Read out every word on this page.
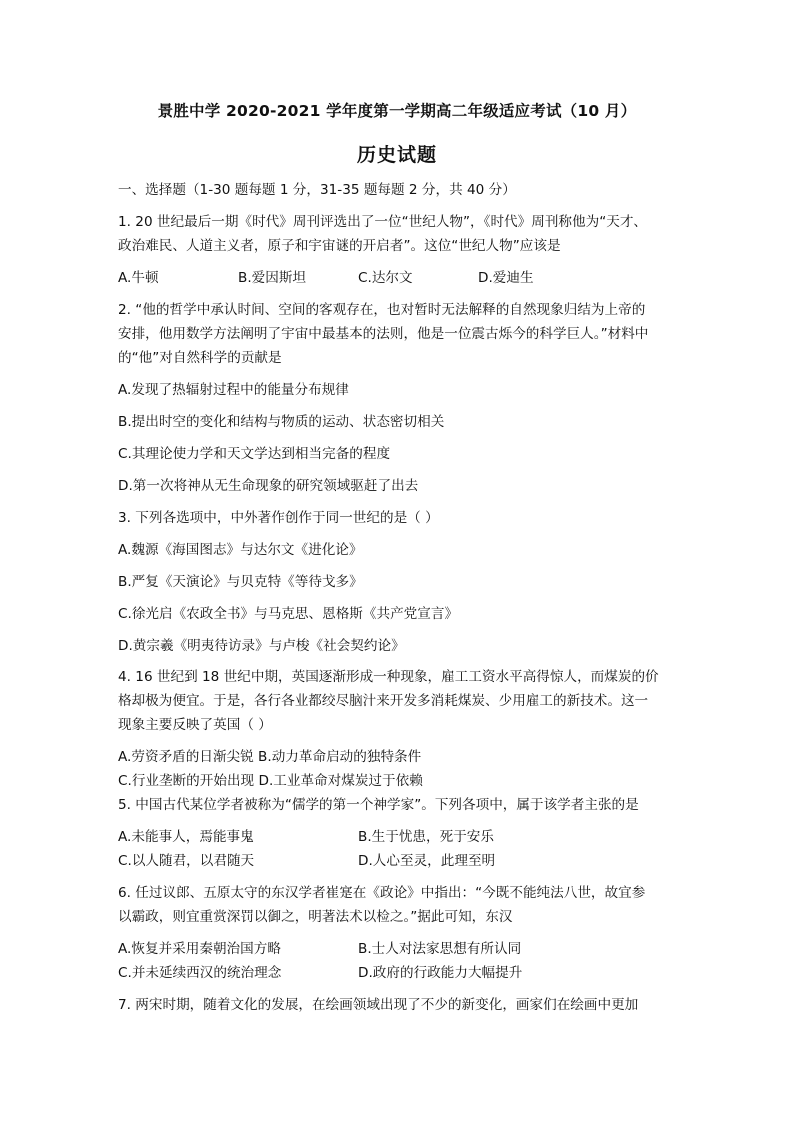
景胜中学 2020-2021 学年度第一学期高二年级适应考试（10 月）
历史试题
一、选择题（1-30 题每题 1 分，31-35 题每题 2 分，共 40 分）
1. 20 世纪最后一期《时代》周刊评选出了一位“世纪人物”，《时代》周刊称他为“天才、
政治难民、人道主义者，原子和宇宙谜的开启者”。这位“世纪人物”应该是
A.牛顿	B.爱因斯坦	C.达尔文	D.爱迪生
2. “他的哲学中承认时间、空间的客观存在，也对暂时无法解释的自然现象归结为上帝的
安排，他用数学方法阐明了宇宙中最基本的法则，他是一位震古烁今的科学巨人。”材料中
的“他”对自然科学的贡献是
A.发现了热辐射过程中的能量分布规律
B.提出时空的变化和结构与物质的运动、状态密切相关
C.其理论使力学和天文学达到相当完备的程度
D.第一次将神从无生命现象的研究领域驱赶了出去
3. 下列各选项中，中外著作创作于同一世纪的是（ ）
A.魏源《海国图志》与达尔文《进化论》
B.严复《天演论》与贝克特《等待戈多》
C.徐光启《农政全书》与马克思、恩格斯《共产党宣言》
D.黄宗羲《明夷待访录》与卢梭《社会契约论》
4. 16 世纪到 18 世纪中期，英国逐渐形成一种现象，雇工工资水平高得惊人，而煤炭的价
格却极为便宜。于是，各行各业都绞尽脑汁来开发多消耗煤炭、少用雇工的新技术。这一
现象主要反映了英国（ ）
A.劳资矛盾的日渐尖锐 B.动力革命启动的独特条件
C.行业垄断的开始出现 D.工业革命对煤炭过于依赖
5. 中国古代某位学者被称为“儒学的第一个神学家”。下列各项中，属于该学者主张的是
A.未能事人，焉能事鬼	B.生于忧患，死于安乐
C.以人随君，以君随天	D.人心至灵，此理至明
6. 任过议郎、五原太守的东汉学者崔寔在《政论》中指出：“今既不能纯法八世，故宜参
以霸政，则宜重赏深罚以御之，明著法术以检之。”据此可知，东汉
A.恢复并采用秦朝治国方略	B.士人对法家思想有所认同
C.并未延续西汉的统治理念	D.政府的行政能力大幅提升
7. 两宋时期，随着文化的发展，在绘画领域出现了不少的新变化，画家们在绘画中更加
